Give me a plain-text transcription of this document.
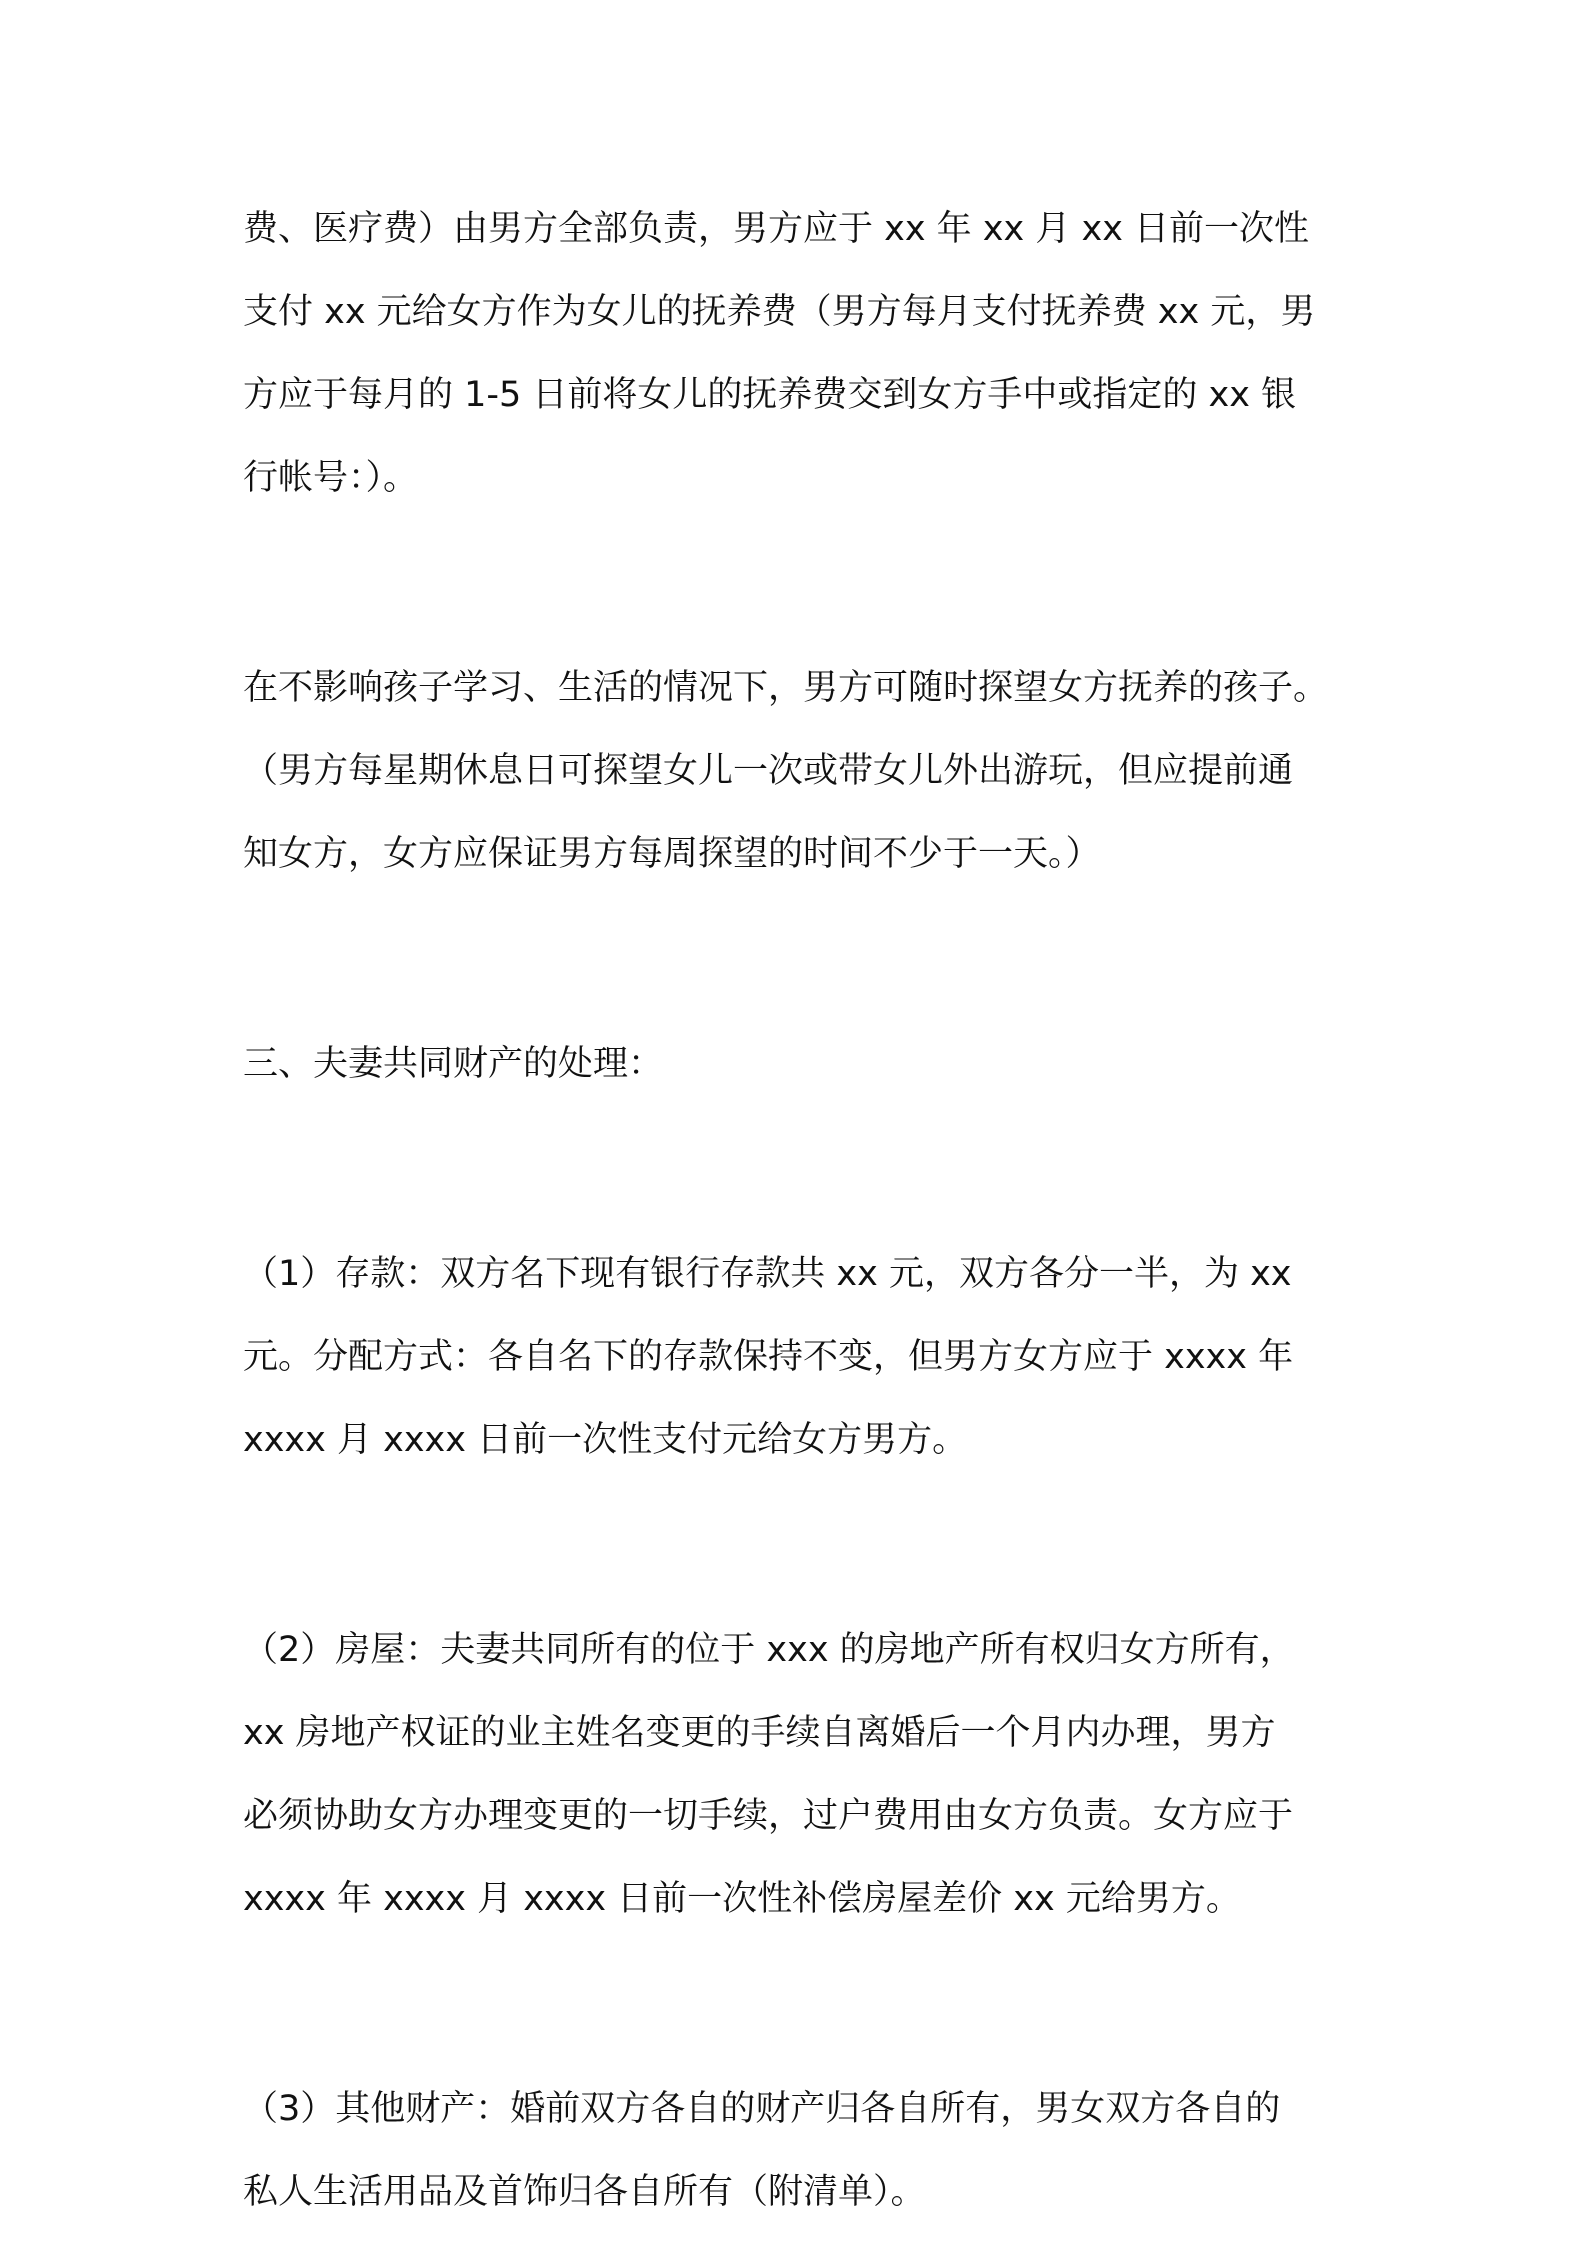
费、医疗费）由男方全部负责，男方应于 xx 年 xx 月 xx 日前一次性
支付 xx 元给女方作为女儿的抚养费（男方每月支付抚养费 xx 元，男
方应于每月的 1-5 日前将女儿的抚养费交到女方手中或指定的 xx 银
行帐号：）。
在不影响孩子学习、生活的情况下，男方可随时探望女方抚养的孩子。
（男方每星期休息日可探望女儿一次或带女儿外出游玩，但应提前通
知女方，女方应保证男方每周探望的时间不少于一天。）
三、夫妻共同财产的处理：
（1）存款：双方名下现有银行存款共 xx 元，双方各分一半，为 xx
元。分配方式：各自名下的存款保持不变，但男方女方应于 xxxx 年
xxxx 月 xxxx 日前一次性支付元给女方男方。
（2）房屋：夫妻共同所有的位于 xxx 的房地产所有权归女方所有，
xx 房地产权证的业主姓名变更的手续自离婚后一个月内办理，男方
必须协助女方办理变更的一切手续，过户费用由女方负责。女方应于
xxxx 年 xxxx 月 xxxx 日前一次性补偿房屋差价 xx 元给男方。
（3）其他财产：婚前双方各自的财产归各自所有，男女双方各自的
私人生活用品及首饰归各自所有（附清单）。
